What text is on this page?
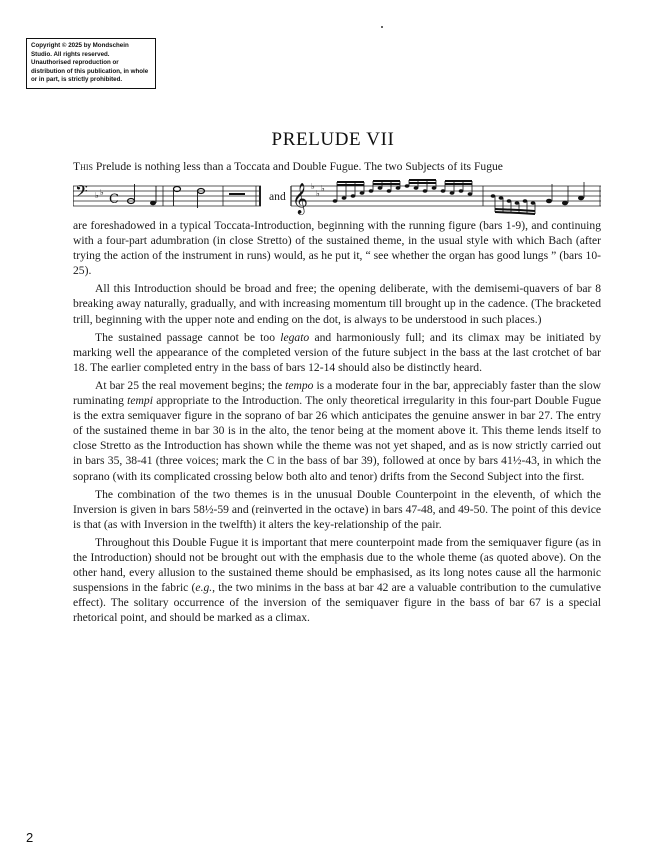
Copyright © 2025 by Mondschein Studio. All rights reserved. Unauthorised reproduction or distribution of this publication, in whole or in part, is strictly prohibited.
PRELUDE VII
This Prelude is nothing less than a Toccata and Double Fugue. The two Subjects of its Fugue
𝄢 ♭ ♭ C	and 𝄞 ♭
♭
♭

are foreshadowed in a typical Toccata-Introduction, beginning with the running figure (bars 1-9), and continuing with a four-part adumbration (in close Stretto) of the sustained theme, in the usual style with which Bach (after trying the action of the instrument in runs) would, as he put it, “ see whether the organ has good lungs ” (bars 10-25).

All this Introduction should be broad and free; the opening deliberate, with the demisemi-quavers of bar 8 breaking away naturally, gradually, and with increasing momentum till brought up in the cadence. (The bracketed trill, beginning with the upper note and ending on the dot, is always to be understood in such places.)

The sustained passage cannot be too legato and harmoniously full; and its climax may be initiated by marking well the appearance of the completed version of the future subject in the bass at the last crotchet of bar 18. The earlier completed entry in the bass of bars 12-14 should also be distinctly heard.

At bar 25 the real movement begins; the tempo is a moderate four in the bar, appreciably faster than the slow ruminating tempi appropriate to the Introduction. The only theoretical irregularity in this four-part Double Fugue is the extra semiquaver figure in the soprano of bar 26 which anticipates the genuine answer in bar 27. The entry of the sustained theme in bar 30 is in the alto, the tenor being at the moment above it. This theme lends itself to close Stretto as the Introduction has shown while the theme was not yet shaped, and as is now strictly carried out in bars 35, 38-41 (three voices; mark the C in the bass of bar 39), followed at once by bars 41½-43, in which the soprano (with its complicated crossing below both alto and tenor) drifts from the Second Subject into the first.

The combination of the two themes is in the unusual Double Counterpoint in the eleventh, of which the Inversion is given in bars 58½-59 and (reinverted in the octave) in bars 47-48, and 49-50. The point of this device is that (as with Inversion in the twelfth) it alters the key-relationship of the pair.

Throughout this Double Fugue it is important that mere counterpoint made from the semiquaver figure (as in the Introduction) should not be brought out with the emphasis due to the whole theme (as quoted above). On the other hand, every allusion to the sustained theme should be emphasised, as its long notes cause all the harmonic suspensions in the fabric (e.g., the two minims in the bass at bar 42 are a valuable contribution to the cumulative effect). The solitary occurrence of the inversion of the semiquaver figure in the bass of bar 67 is a special rhetorical point, and should be marked as a climax.

2
